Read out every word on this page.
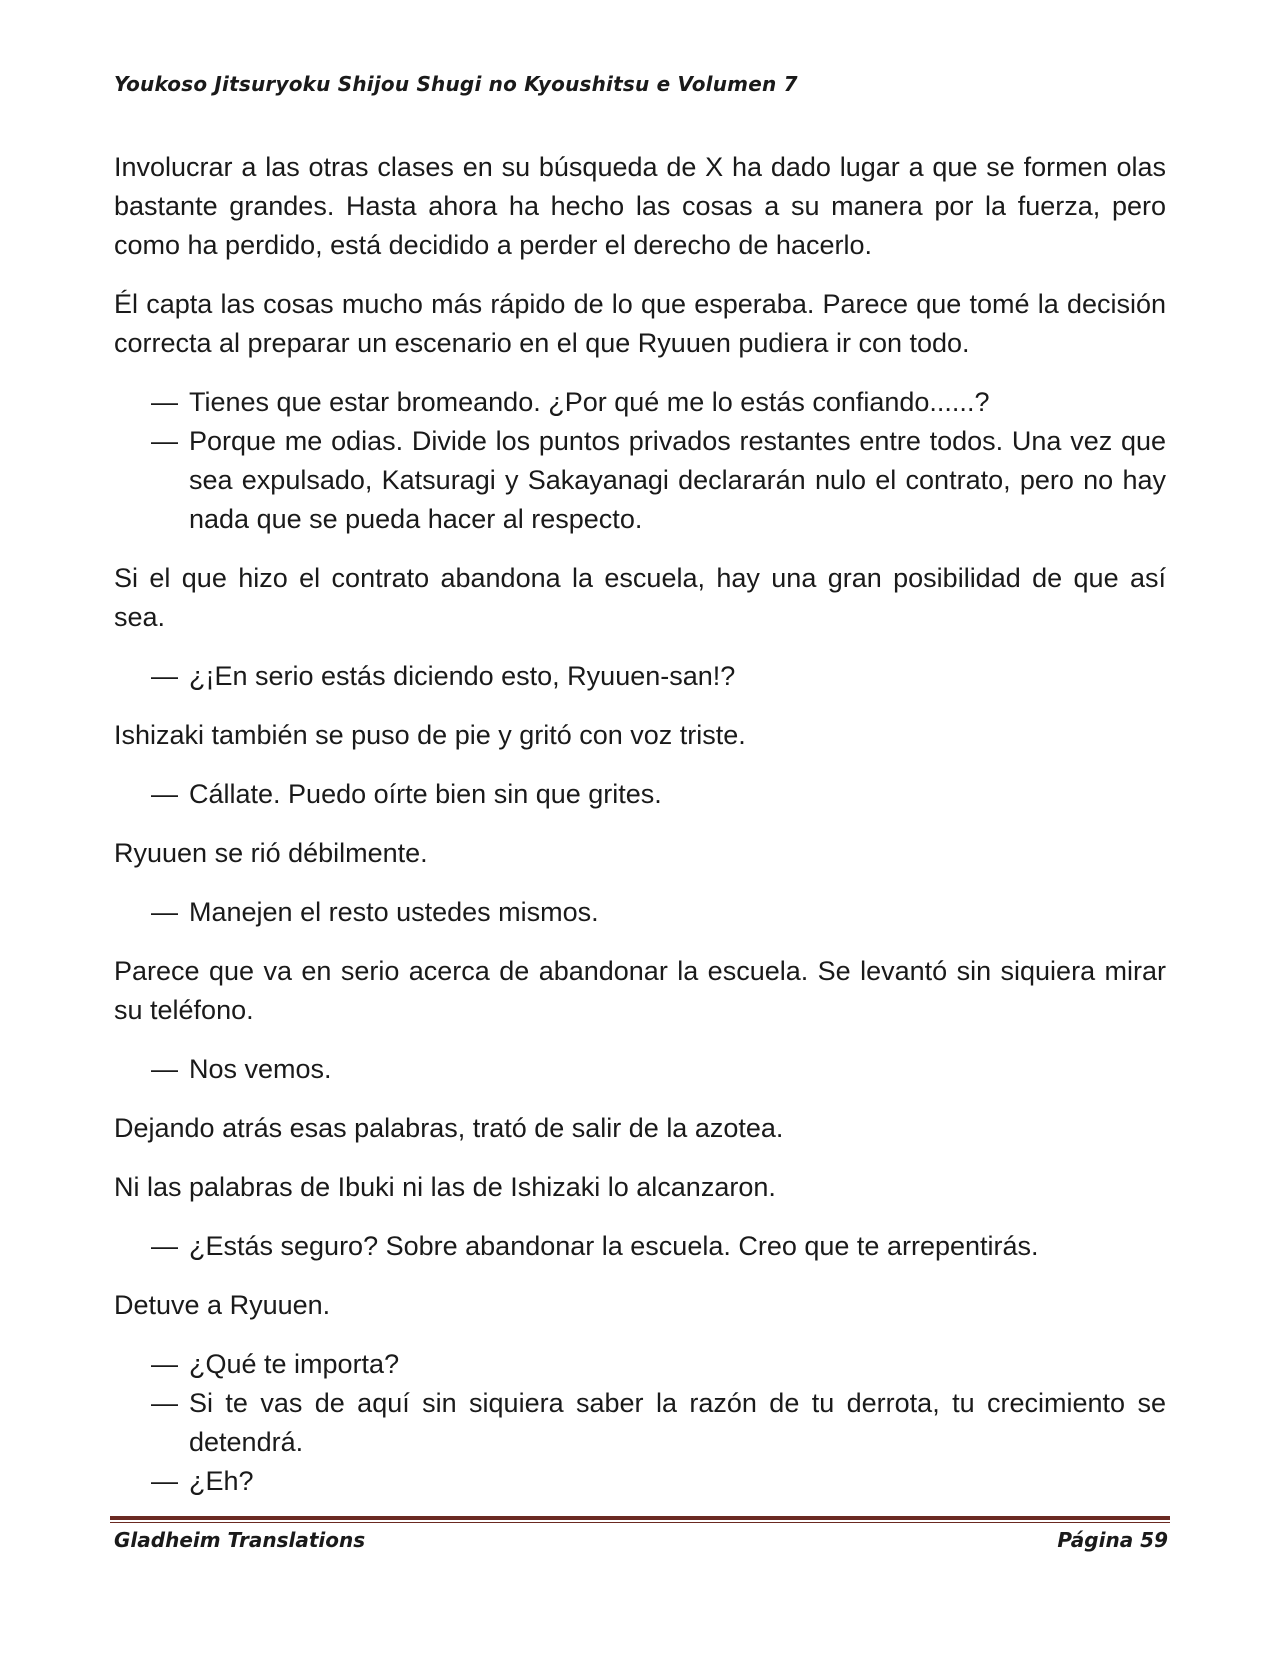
Youkoso Jitsuryoku Shijou Shugi no Kyoushitsu e Volumen 7
Involucrar a las otras clases en su búsqueda de X ha dado lugar a que se formen olas bastante grandes. Hasta ahora ha hecho las cosas a su manera por la fuerza, pero como ha perdido, está decidido a perder el derecho de hacerlo.
Él capta las cosas mucho más rápido de lo que esperaba. Parece que tomé la decisión correcta al preparar un escenario en el que Ryuuen pudiera ir con todo.
— Tienes que estar bromeando. ¿Por qué me lo estás confiando......?
— Porque me odias. Divide los puntos privados restantes entre todos. Una vez que sea expulsado, Katsuragi y Sakayanagi declararán nulo el contrato, pero no hay nada que se pueda hacer al respecto.
Si el que hizo el contrato abandona la escuela, hay una gran posibilidad de que así sea.
— ¿¡En serio estás diciendo esto, Ryuuen-san!?
Ishizaki también se puso de pie y gritó con voz triste.
— Cállate. Puedo oírte bien sin que grites.
Ryuuen se rió débilmente.
— Manejen el resto ustedes mismos.
Parece que va en serio acerca de abandonar la escuela. Se levantó sin siquiera mirar su teléfono.
— Nos vemos.
Dejando atrás esas palabras, trató de salir de la azotea.
Ni las palabras de Ibuki ni las de Ishizaki lo alcanzaron.
— ¿Estás seguro? Sobre abandonar la escuela. Creo que te arrepentirás.
Detuve a Ryuuen.
— ¿Qué te importa?
— Si te vas de aquí sin siquiera saber la razón de tu derrota, tu crecimiento se detendrá.
— ¿Eh?
Gladheim Translations	Página 59
